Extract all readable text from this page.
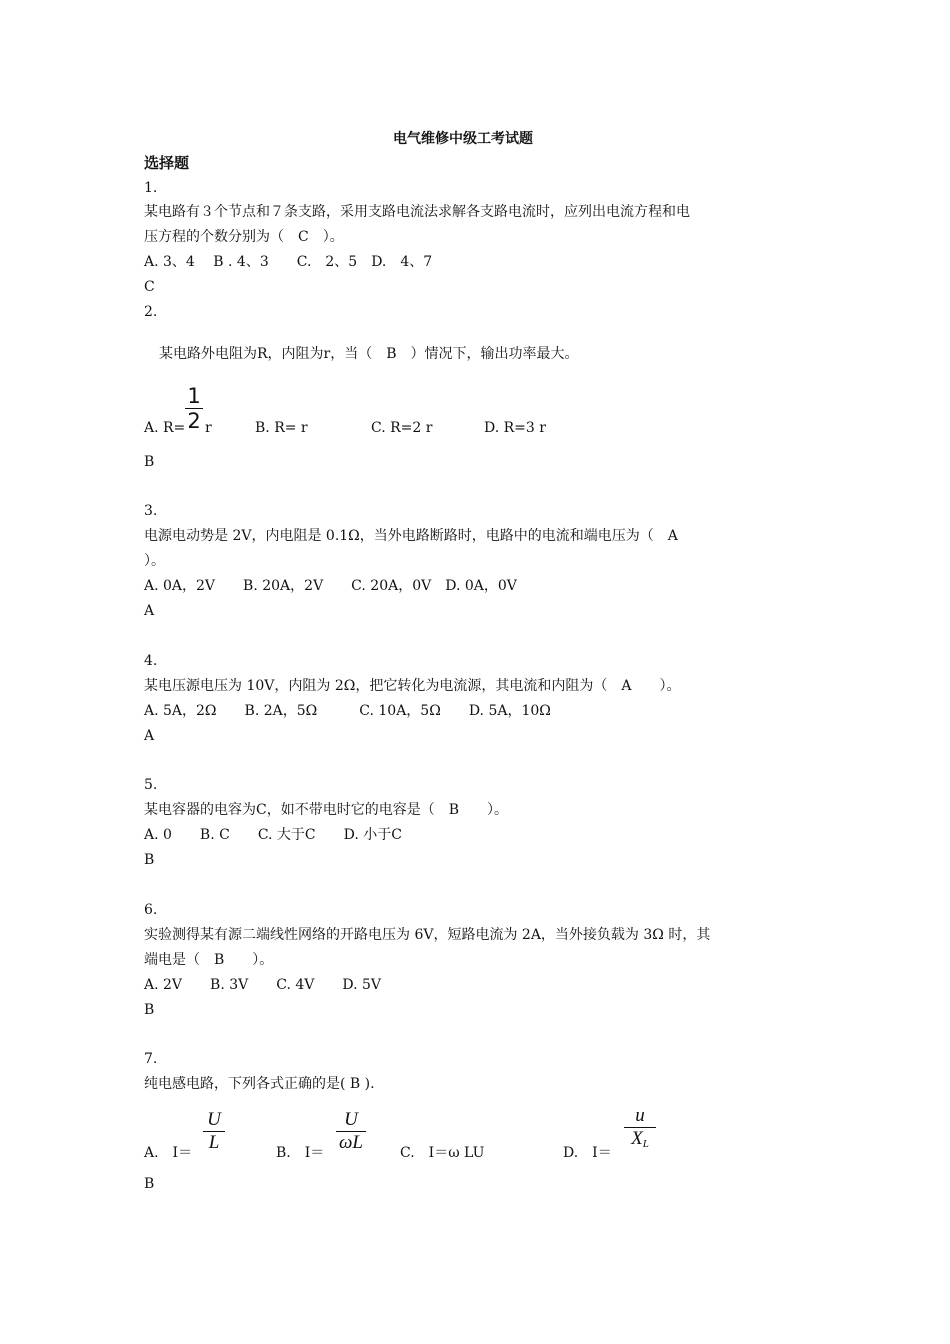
电气维修中级工考试题
选择题
1.
某电路有３个节点和７条支路，采用支路电流法求解各支路电流时，应列出电流方程和电
压方程的个数分别为（　C　）。
A. 3、4　 B . 4、3　　C.　2、5　D.　4、7
C
2.
某电路外电阻为R，内阻为r，当（　B　）情况下，输出功率最大。
A. R=
1
2 r	B. R= r	C. R=2 r	D. R=3 r
B
3.
电源电动势是 2V，内电阻是 0.1Ω，当外电路断路时，电路中的电流和端电压为（　A
）。
A. 0A，2V　　B. 20A，2V　　C. 20A，0V　D. 0A，0V
A
4.
某电压源电压为 10V，内阻为 2Ω，把它转化为电流源，其电流和内阻为（　A　　）。
A. 5A，2Ω　　B. 2A，5Ω　　　C. 10A，5Ω　　D. 5A，10Ω
A
5.
某电容器的电容为C，如不带电时它的电容是（　B　　）。
A. 0　　B. C　　C. 大于C　　D. 小于C
B
6.
实验测得某有源二端线性网络的开路电压为 6V，短路电流为 2A，当外接负载为 3Ω 时，其
端电是（　B　　）。
A. 2V　　B. 3V　　C. 4V　　D. 5V
B
7.
纯电感电路，下列各式正确的是( B ).
A.　I＝
U
L	B.　I＝
U
ωL	C.　I＝ω LU	D.　I＝
u
$X_L$
B
